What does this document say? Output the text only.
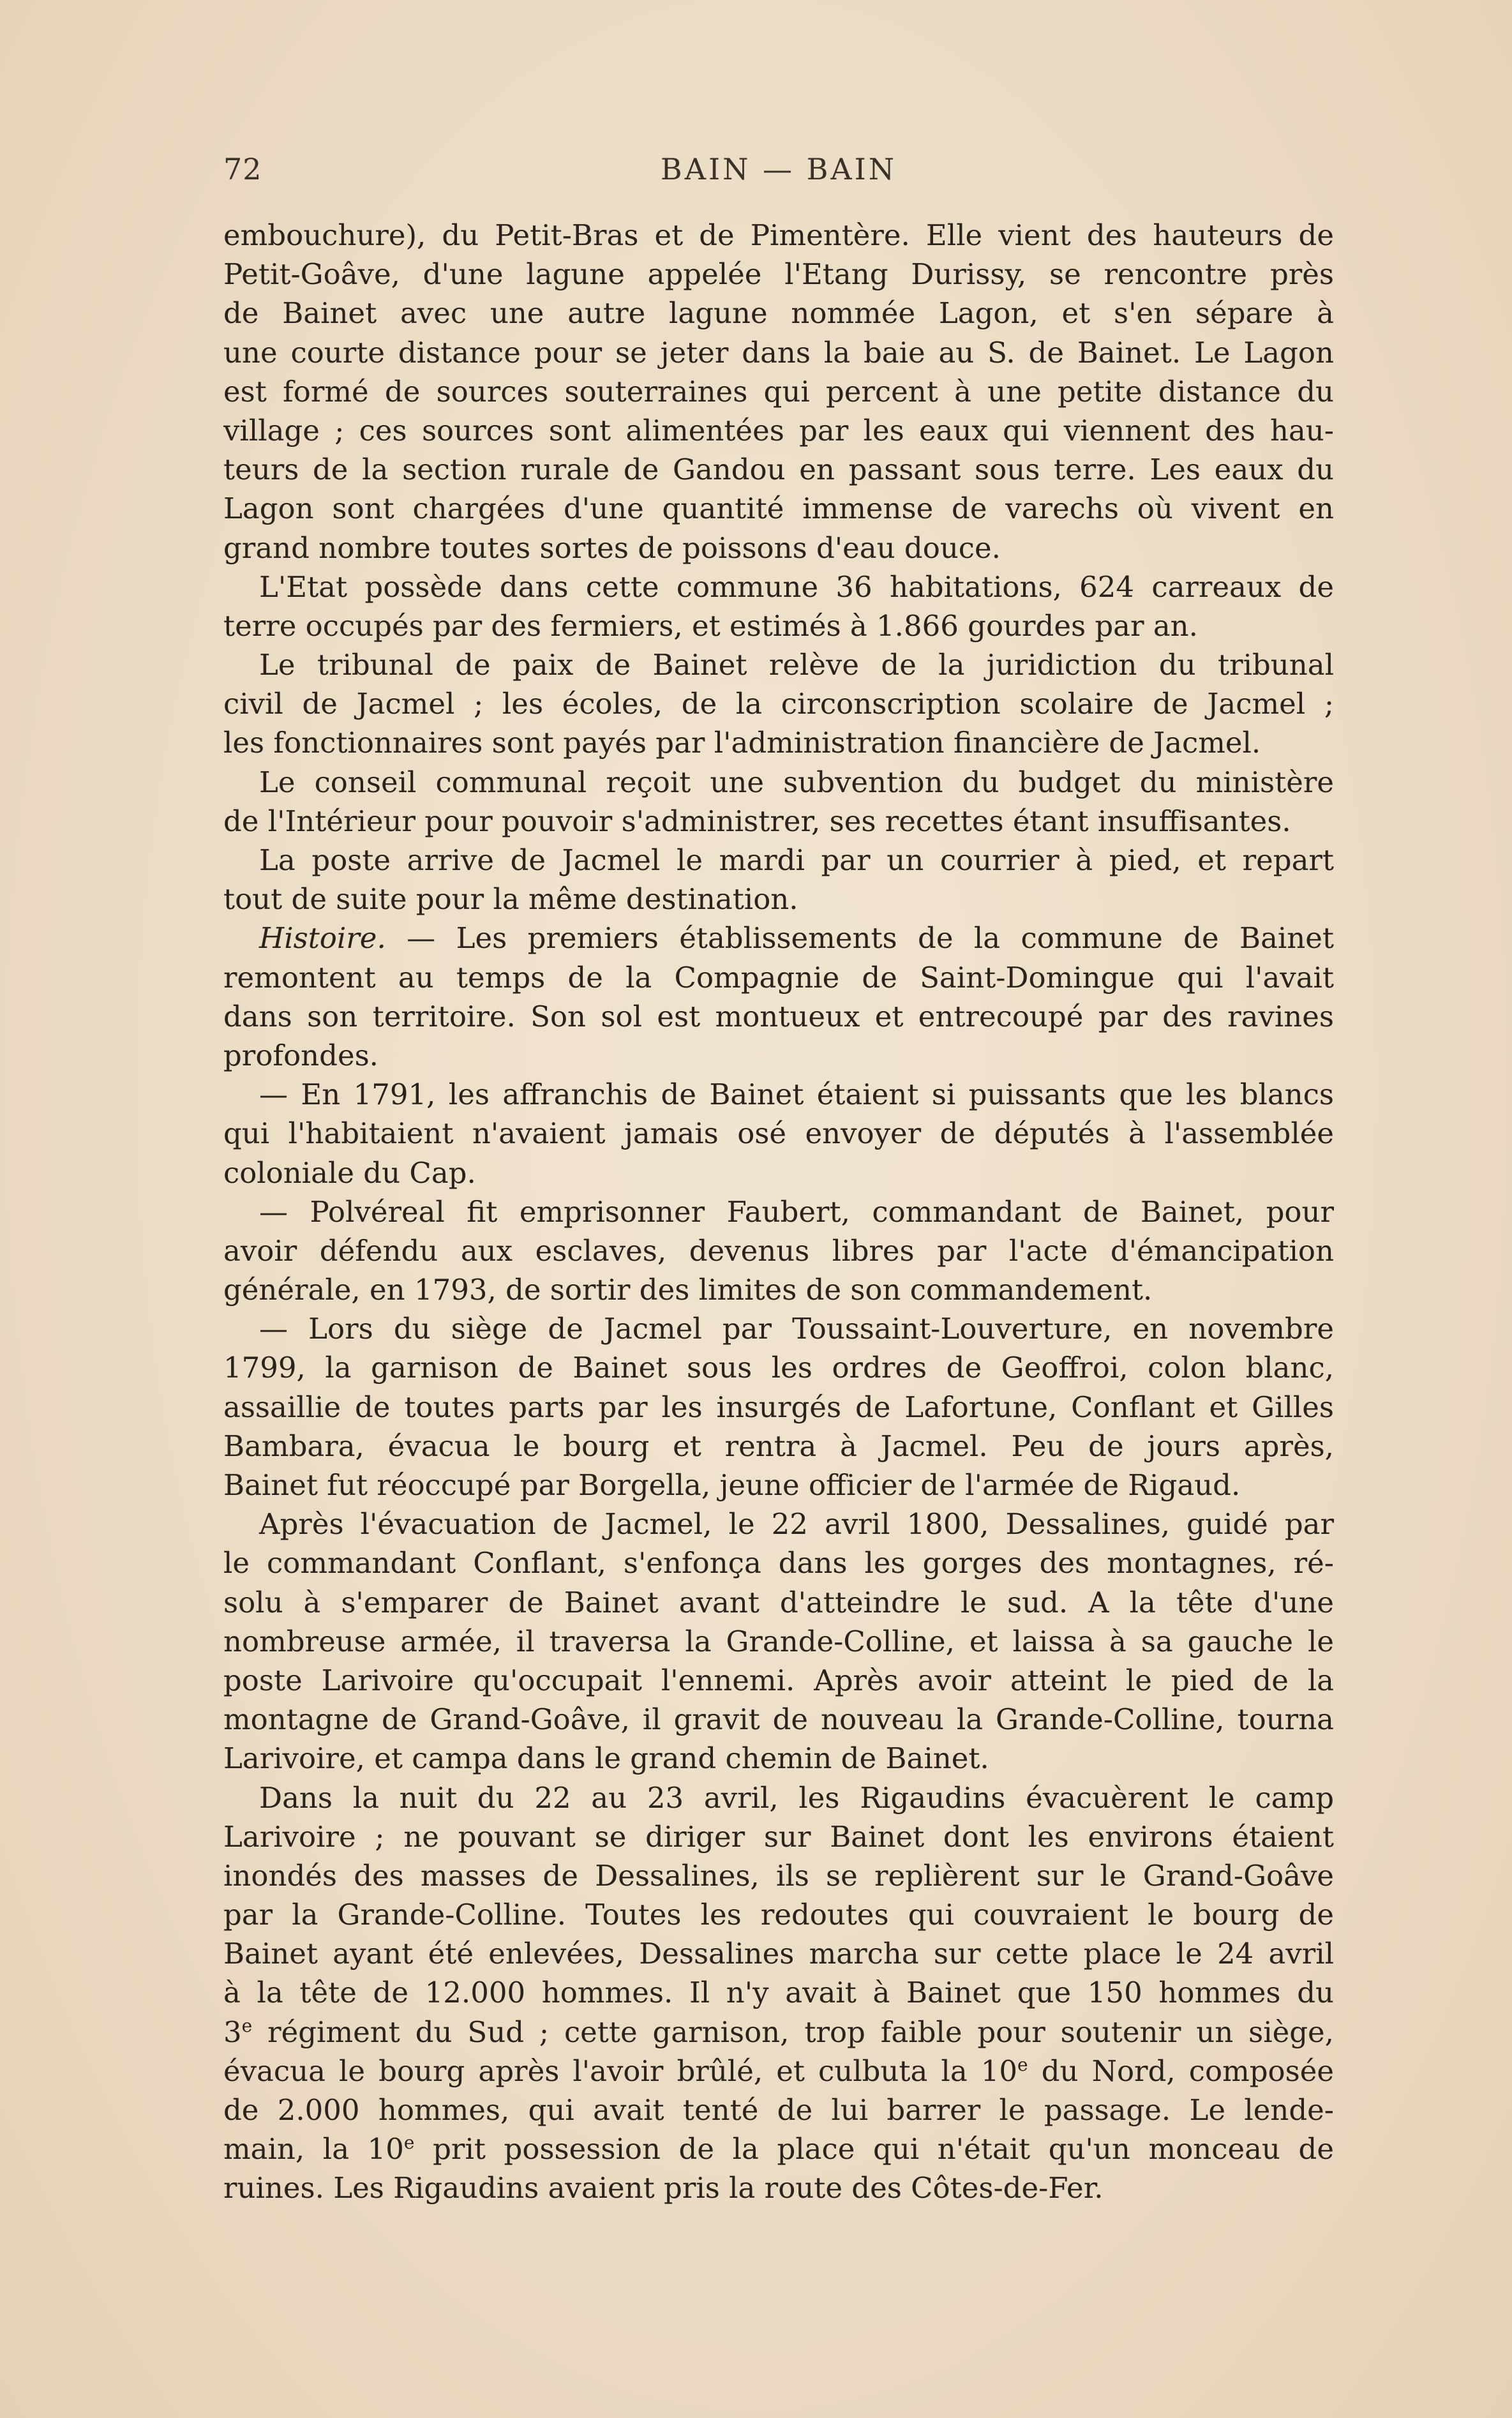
72	BAIN — BAIN
embouchure), du Petit-Bras et de Pimentère. Elle vient des hauteurs de
Petit-Goâve, d'une lagune appelée l'Etang Durissy, se rencontre près
de Bainet avec une autre lagune nommée Lagon, et s'en sépare à
une courte distance pour se jeter dans la baie au S. de Bainet. Le Lagon
est formé de sources souterraines qui percent à une petite distance du
village ; ces sources sont alimentées par les eaux qui viennent des hau-
teurs de la section rurale de Gandou en passant sous terre. Les eaux du
Lagon sont chargées d'une quantité immense de varechs où vivent en
grand nombre toutes sortes de poissons d'eau douce.
L'Etat possède dans cette commune 36 habitations, 624 carreaux de
terre occupés par des fermiers, et estimés à 1.866 gourdes par an.
Le tribunal de paix de Bainet relève de la juridiction du tribunal
civil de Jacmel ; les écoles, de la circonscription scolaire de Jacmel ;
les fonctionnaires sont payés par l'administration financière de Jacmel.
Le conseil communal reçoit une subvention du budget du ministère
de l'Intérieur pour pouvoir s'administrer, ses recettes étant insuffisantes.
La poste arrive de Jacmel le mardi par un courrier à pied, et repart
tout de suite pour la même destination.
Histoire. — Les premiers établissements de la commune de Bainet
remontent au temps de la Compagnie de Saint-Domingue qui l'avait
dans son territoire. Son sol est montueux et entrecoupé par des ravines
profondes.
— En 1791, les affranchis de Bainet étaient si puissants que les blancs
qui l'habitaient n'avaient jamais osé envoyer de députés à l'assemblée
coloniale du Cap.
— Polvéreal fit emprisonner Faubert, commandant de Bainet, pour
avoir défendu aux esclaves, devenus libres par l'acte d'émancipation
générale, en 1793, de sortir des limites de son commandement.
— Lors du siège de Jacmel par Toussaint-Louverture, en novembre
1799, la garnison de Bainet sous les ordres de Geoffroi, colon blanc,
assaillie de toutes parts par les insurgés de Lafortune, Conflant et Gilles
Bambara, évacua le bourg et rentra à Jacmel. Peu de jours après,
Bainet fut réoccupé par Borgella, jeune officier de l'armée de Rigaud.
Après l'évacuation de Jacmel, le 22 avril 1800, Dessalines, guidé par
le commandant Conflant, s'enfonça dans les gorges des montagnes, ré-
solu à s'emparer de Bainet avant d'atteindre le sud. A la tête d'une
nombreuse armée, il traversa la Grande-Colline, et laissa à sa gauche le
poste Larivoire qu'occupait l'ennemi. Après avoir atteint le pied de la
montagne de Grand-Goâve, il gravit de nouveau la Grande-Colline, tourna
Larivoire, et campa dans le grand chemin de Bainet.
Dans la nuit du 22 au 23 avril, les Rigaudins évacuèrent le camp
Larivoire ; ne pouvant se diriger sur Bainet dont les environs étaient
inondés des masses de Dessalines, ils se replièrent sur le Grand-Goâve
par la Grande-Colline. Toutes les redoutes qui couvraient le bourg de
Bainet ayant été enlevées, Dessalines marcha sur cette place le 24 avril
à la tête de 12.000 hommes. Il n'y avait à Bainet que 150 hommes du
3e régiment du Sud ; cette garnison, trop faible pour soutenir un siège,
évacua le bourg après l'avoir brûlé, et culbuta la 10e du Nord, composée
de 2.000 hommes, qui avait tenté de lui barrer le passage. Le lende-
main, la 10e prit possession de la place qui n'était qu'un monceau de
ruines. Les Rigaudins avaient pris la route des Côtes-de-Fer.
